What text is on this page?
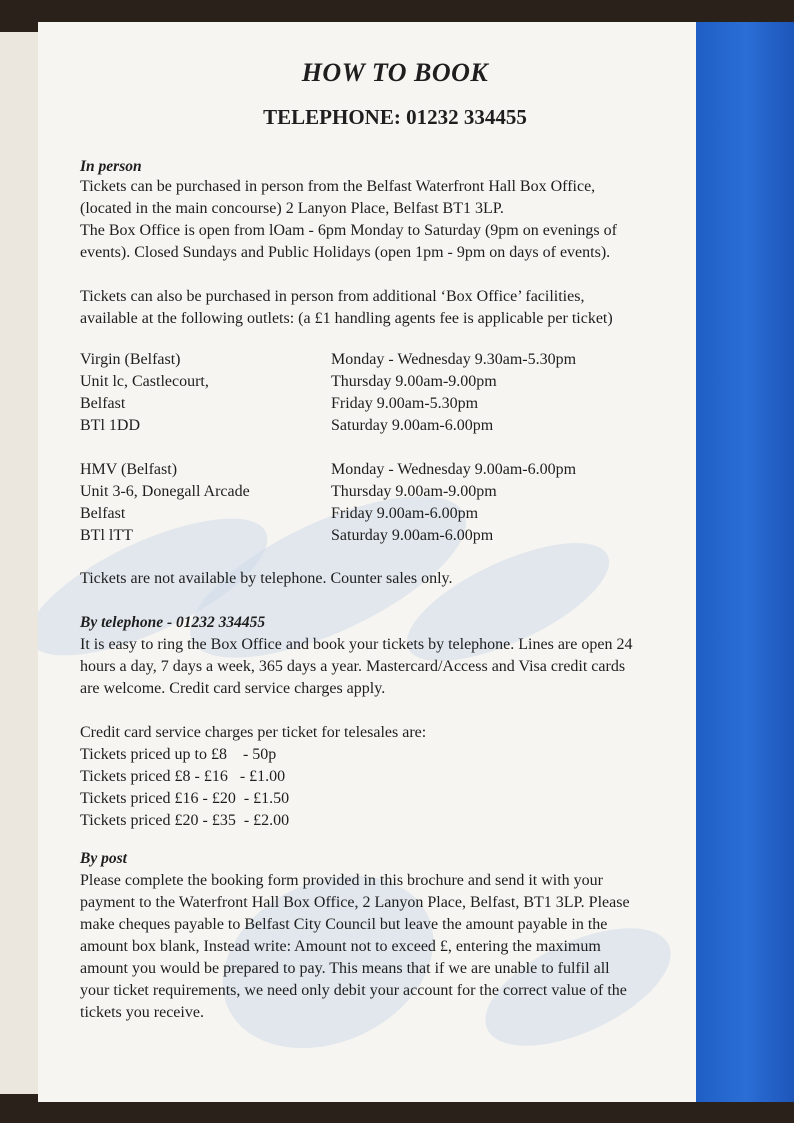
HOW TO BOOK
TELEPHONE: 01232 334455

In person

Tickets can be purchased in person from the Belfast Waterfront Hall Box Office, (located in the main concourse) 2 Lanyon Place, Belfast BT1 3LP.

The Box Office is open from lOam - 6pm Monday to Saturday (9pm on evenings of events). Closed Sundays and Public Holidays (open 1pm - 9pm on days of events).

Tickets can also be purchased in person from additional ‘Box Office’ facilities, available at the following outlets: (a £1 handling agents fee is applicable per ticket)

Virgin (Belfast)	Monday - Wednesday 9.30am-5.30pm
Unit lc, Castlecourt,	Thursday 9.00am-9.00pm
Belfast	Friday 9.00am-5.30pm
BTl 1DD	Saturday 9.00am-6.00pm
HMV (Belfast)	Monday - Wednesday 9.00am-6.00pm
Unit 3-6, Donegall Arcade	Thursday 9.00am-9.00pm
Belfast	Friday 9.00am-6.00pm
BTl lTT	Saturday 9.00am-6.00pm

Tickets are not available by telephone. Counter sales only.

By telephone - 01232 334455

It is easy to ring the Box Office and book your tickets by telephone. Lines are open 24 hours a day, 7 days a week, 365 days a year. Mastercard/Access and Visa credit cards are welcome. Credit card service charges apply.

Credit card service charges per ticket for telesales are:

Tickets priced up to £8    - 50p

Tickets priced £8 - £16   - £1.00

Tickets priced £16 - £20  - £1.50

Tickets priced £20 - £35  - £2.00

By post

Please complete the booking form provided in this brochure and send it with your payment to the Waterfront Hall Box Office, 2 Lanyon Place, Belfast, BT1 3LP. Please make cheques payable to Belfast City Council but leave the amount payable in the amount box blank, Instead write: Amount not to exceed £, entering the maximum amount you would be prepared to pay. This means that if we are unable to fulfil all your ticket requirements, we need only debit your account for the correct value of the tickets you receive.
